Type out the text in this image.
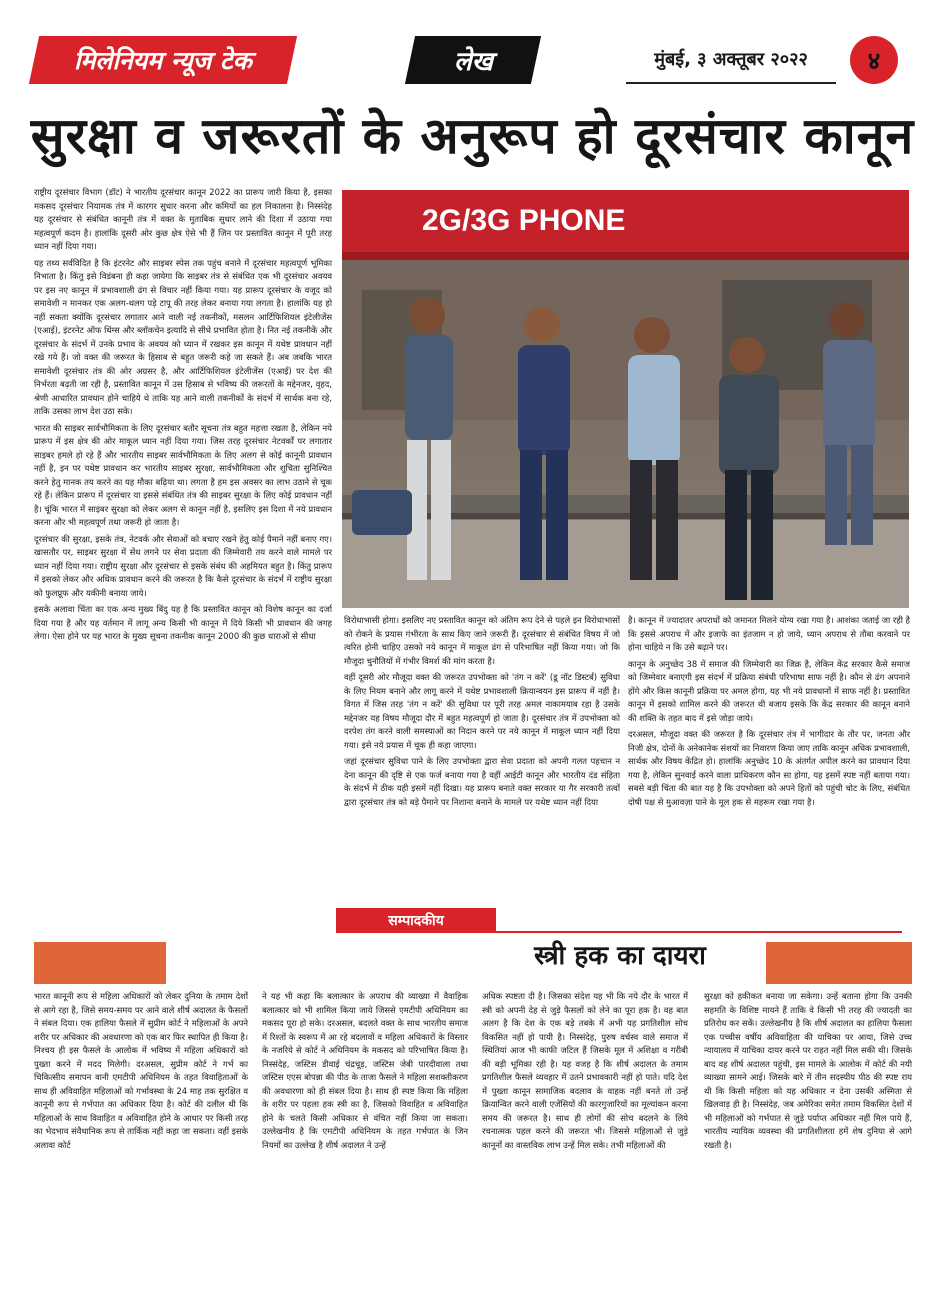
मिलेनियम न्यूज टेक	लेख	मुंबई, ३ अक्तूबर २०२२	४
सुरक्षा व जरूरतों के अनुरूप हो दूरसंचार कानून
2G/3G PHONE

राष्ट्रीय दूरसंचार विभाग (डॉट) ने भारतीय दूरसंचार कानून 2022 का प्रारूप जारी किया है, इसका मकसद दूरसंचार नियामक तंत्र में कारगर सुधार करना और कमियों का हल निकालना है। निस्संदेह यह दूरसंचार से संबंधित कानूनी तंत्र में वक्त के मुताबिक सुधार लाने की दिशा में उठाया गया महत्वपूर्ण कदम है। हालांकि दूसरी ओर कुछ क्षेत्र ऐसे भी हैं जिन पर प्रस्तावित कानून में पूरी तरह ध्यान नहीं दिया गया।

यह तथ्य सर्वविदित है कि इंटरनेट और साइबर स्पेस तक पहुंच बनाने में दूरसंचार महत्वपूर्ण भूमिका निभाता है। किंतु इसे विडंबना ही कहा जायेगा कि साइबर तंत्र से संबंधित एक भी दूरसंचार अवयव पर इस नए कानून में प्रभावशाली ढंग से विचार नहीं किया गया। यह प्रारूप दूरसंचार के वजूद को समावेशी न मानकर एक अलग-थलग पड़े टापू की तरह लेकर बनाया गया लगता है। हालांकि यह हो नहीं सकता क्योंकि दूरसंचार लगातार आने वाली नई तकनीकों, मसलन आर्टिफिशियल इंटेलीजेंस (एआई), इंटरनेट ऑफ थिंग्स और ब्लॉकचेन इत्यादि से सीधे प्रभावित होता है। नित नई तकनीकें और दूरसंचार के संदर्भ में उनके प्रभाव के अवयव को ध्यान में रखकर इस कानून में यथेष्ट प्रावधान नहीं रखे गये हैं। जो वक्त की जरूरत के हिसाब से बहुत जरूरी कहे जा सकते हैं। अब जबकि भारत समावेशी दूरसंचार तंत्र की ओर अग्रसर है, और आर्टिफिशियल इंटेलीजेंस (एआई) पर देश की निर्भरता बढ़ती जा रही है, प्रस्तावित कानून में उस हिसाब से भविष्य की जरूरतों के मद्देनजर, वृहद, श्रेणी आधारित प्रावधान होने चाहिये थे ताकि यह आने वाली तकनीकों के संदर्भ में सार्थक बना रहे, ताकि उसका लाभ देश उठा सके।

भारत की साइबर सार्वभौमिकता के लिए दूरसंचार बतौर सूचना तंत्र बहुत महत्ता रखता है, लेकिन नये प्रारूप में इस क्षेत्र की ओर माकूल ध्यान नहीं दिया गया। जिस तरह दूरसंचार नेटवर्कों पर लगातार साइबर हमले हो रहे हैं और भारतीय साइबर सार्वभौमिकता के लिए अलग से कोई कानूनी प्रावधान नहीं है, इन पर यथेष्ट प्रावधान कर भारतीय साइबर सुरक्षा, सार्वभौमिकता और शुचिता सुनिश्चित करने हेतु मानक तय करने का यह मौका बढ़िया था। लगता है हम इस अवसर का लाभ उठाने से चूक रहे हैं। लेकिन प्रारूप में दूरसंचार या इससे संबंधित तंत्र की साइबर सुरक्षा के लिए कोई प्रावधान नहीं है। चूंकि भारत में साइबर सुरक्षा को लेकर अलग से कानून नहीं है, इसलिए इस दिशा में नये प्रावधान करना और भी महत्वपूर्ण तथा जरूरी हो जाता है।

दूरसंचार की सुरक्षा, इसके तंत्र, नेटवर्क और सेवाओं को बचाए रखने हेतु कोई पैमाने नहीं बनाए गए। खासतौर पर, साइबर सुरक्षा में सेंध लगने पर सेवा प्रदाता की जिम्मेवारी तय करने वाले मामले पर ध्यान नहीं दिया गया। राष्ट्रीय सुरक्षा और दूरसंचार से इसके संबंध की अहमियत बहुत है। किंतु प्रारूप में इसको लेकर और अधिक प्रावधान करने की जरूरत है कि कैसे दूरसंचार के संदर्भ में राष्ट्रीय सुरक्षा को फुलप्रूफ और यकीनी बनाया जाये।

इसके अलावा चिंता का एक अन्य मुख्य बिंदु यह है कि प्रस्तावित कानून को विशेष कानून का दर्जा दिया गया है और यह वर्तमान में लागू अन्य किसी भी कानून में दिये किसी भी प्रावधान की जगह लेगा। ऐसा होने पर यह भारत के मुख्य सूचना तकनीक कानून 2000 की कुछ धाराओं से सीधा

विरोधाभासी होगा। इसलिए नए प्रस्तावित कानून को अंतिम रूप देने से पहले इन विरोधाभासों को रोकने के प्रयास गंभीरता के साथ किए जाने जरूरी हैं। दूरसंचार से संबंधित विषय में जो त्वरित होनी चाहिए उसको नये कानून में माकूल ढंग से परिभाषित नहीं किया गया। जो कि मौजूदा चुनौतियों में गंभीर विमर्श की मांग करता है।

वहीं दूसरी ओर मौजूदा वक्त की जरूरत उपभोक्ता को 'तंग न करें' (डू नॉट डिस्टर्ब) सुविधा के लिए नियम बनाने और लागू करने में यथेष्ट प्रभावशाली क्रियान्वयन इस प्रारूप में नहीं है। विगत में जिस तरह 'तंग न करें' की सुविधा पर पूरी तरह अमल नाकामयाब रहा है उसके मद्देनजर यह विषय मौजूदा दौर में बहुत महत्वपूर्ण हो जाता है। दूरसंचार तंत्र में उपभोक्ता को दरपेश तंग करने वाली समस्याओं का निदान करने पर नये कानून में माकूल ध्यान नहीं दिया गया। इसे नये प्रयास में चूक ही कहा जाएगा।

जहां दूरसंचार सुविधा पाने के लिए उपभोक्ता द्वारा सेवा प्रदाता को अपनी गलत पहचान न देना कानून की दृष्टि से एक फर्ज बनाया गया है वहीं आईटी कानून और भारतीय दंड संहिता के संदर्भ में ठीक यही इसमें नहीं दिखा। यह प्रारूप बनाते वक्त सरकार या गैर सरकारी तत्वों द्वारा दूरसंचार तंत्र को बड़े पैमाने पर निशाना बनाने के मामले पर यथेष्ट ध्यान नहीं दिया

है। कानून में ज्यादातर अपराधों को जमानत मिलने योग्य रखा गया है। आशंका जताई जा रही है कि इससे अपराध में और इजाफे का इंतजाम न हो जाये, ध्यान अपराध से तौबा करवाने पर होना चाहिये न कि उसे बढ़ाने पर।

कानून के अनुच्छेद 38 में समाज की जिम्मेवारी का जिक्र है, लेकिन केंद्र सरकार कैसे समाज को जिम्मेवार बनाएगी इस संदर्भ में प्रक्रिया संबंधी परिभाषा साफ नहीं है। कौन से ढंग अपनाने होंगे और किस कानूनी प्रक्रिया पर अमल होगा, यह भी नये प्रावधानों में साफ नहीं है। प्रस्तावित कानून में इसको शामिल करने की जरूरत थी बजाय इसके कि केंद्र सरकार की कानून बनाने की शक्ति के तहत बाद में इसे जोड़ा जाये।

दरअसल, मौजूदा वक्त की जरूरत है कि दूरसंचार तंत्र में भागीदार के तौर पर, जनता और निजी क्षेत्र, दोनों के अनेकानेक संशयों का निवारण किया जाए ताकि कानून अधिक प्रभावशाली, सार्थक और विषय केंद्रित हो। हालांकि अनुच्छेद 10 के अंतर्गत अपील करने का प्रावधान दिया गया है, लेकिन सुनवाई करने वाला प्राधिकरण कौन सा होगा, यह इसमें स्पष्ट नहीं बताया गया। सबसे बड़ी चिंता की बात यह है कि उपभोक्ता को अपने हितों को पहुंची चोट के लिए, संबंधित दोषी पक्ष से मुआवज़ा पाने के मूल हक से महरूम रखा गया है।

सम्पादकीय
स्त्री हक का दायरा

भारत कानूनी रूप से महिला अधिकारों को लेकर दुनिया के तमाम देशों से आगे रहा है, जिसे समय-समय पर आने वाले शीर्ष अदालत के फैसलों ने संबल दिया। एक हालिया फैसले में सुप्रीम कोर्ट ने महिलाओं के अपने शरीर पर अधिकार की अवधारणा को एक बार फिर स्थापित ही किया है। निश्चय ही इस फैसले के आलोक में भविष्य में महिला अधिकारों को पुख्ता करने में मदद मिलेगी। दरअसल, सुप्रीम कोर्ट ने गर्भ का चिकित्सीय समापन वानी एमटीपी अधिनियम के तहत विवाहिताओं के साथ ही अविवाहित महिलाओं को गर्भावस्था के 24 माह तक सुरक्षित व कानूनी रूप से गर्भपात का अधिकार दिया है। कोर्ट की दलील थी कि महिलाओं के साथ विवाहित व अविवाहित होने के आधार पर किसी तरह का भेदभाव संवैधानिक रूप से तार्किक नहीं कहा जा सकता। वहीं इसके अलावा कोर्ट

ने यह भी कहा कि बलात्कार के अपराध की व्याख्या में वैवाहिक बलात्कार को भी शामिल किया जाये जिससे एमटीपी अधिनियम का मकसद पूरा हो सके। दरअसल, बदलते वक्त के साथ भारतीय समाज में रिश्तों के स्वरूप में आ रहे बदलावों व महिला अधिकारों के विस्तार के नजरिये से कोर्ट ने अधिनियम के मकसद को परिभाषित किया है। निस्संदेह, जस्टिस डीवाई चंद्रचूड़, जस्टिस जेबी पारदीवाला तथा जस्टिस एएस बोपन्ना की पीठ के ताजा फैसले ने महिला सशक्तीकरण की अवधारणा को ही संबल दिया है। साथ ही स्पष्ट किया कि महिला के शरीर पर पहला हक स्त्री का है, जिसको विवाहित व अविवाहित होने के चलते किसी अधिकार से वंचित नहीं किया जा सकता। उल्लेखनीय है कि एमटीपी अधिनियम के तहत गर्भपात के जिन नियमों का उल्लेख है शीर्ष अदालत ने उन्हें

अधिक स्पष्टता दी है। जिसका संदेश यह भी कि नये दौर के भारत में स्त्री को अपनी देह से जुड़े फैसलों को लेने का पूरा हक है। वह बात अलग है कि देश के एक बड़े तबके में अभी यह प्रगतिशील सोच विकसित नहीं हो पायी है। निस्संदेह, पुरुष वर्चस्व वाले समाज में स्थितियां आज भी काफी जटिल हैं जिसके मूल में अशिक्षा व गरीबी की बड़ी भूमिका रही है। यह वजह है कि शीर्ष अदालत के तमाम प्रगतिशील फैसले व्यवहार में उतने प्रभावकारी नहीं हो पाते। यदि देश में पुख्ता कानून सामाजिक बदलाव के वाहक नहीं बनते तो उन्हें क्रियान्वित करने वाली एजेंसियों की कारगुजारियों का मूल्यांकन करना समय की जरूरत है। साथ ही लोगों की सोच बदलने के लिये रचनात्मक पहल करने की जरूरत भी। जिससे महिलाओं से जुड़े कानूनों का वास्तविक लाभ उन्हें मिल सके। तभी महिलाओं की

सुरक्षा को हकीकत बनाया जा सकेगा। उन्हें बताना होगा कि उनकी सहमति के विशिष्ट मायने हैं ताकि वे किसी भी तरह की ज्यादती का प्रतिरोध कर सकें। उल्लेखनीय है कि शीर्ष अदालत का हालिया फैसला एक पच्चीस वर्षीय अविवाहिता की याचिका पर आया, जिसे उच्च न्यायालय में याचिका दायर करने पर राहत नहीं मिल सकी थी। जिसके बाद वह शीर्ष अदालत पहुंची, इस मामले के आलोक में कोर्ट की नयी व्याख्या सामने आई। जिसके बारे में तीन सदस्यीय पीठ की स्पष्ट राय थी कि किसी महिला को यह अधिकार न देना उसकी अस्मिता से खिलवाड़ ही है। निस्संदेह, जब अमेरिका समेत तमाम विकसित देशों में भी महिलाओं को गर्भपात से जुड़े पर्याप्त अधिकार नहीं मिल पाये हैं, भारतीय न्यायिक व्यवस्था की प्रगतिशीलता हमें शेष दुनिया से आगे रखती है।
